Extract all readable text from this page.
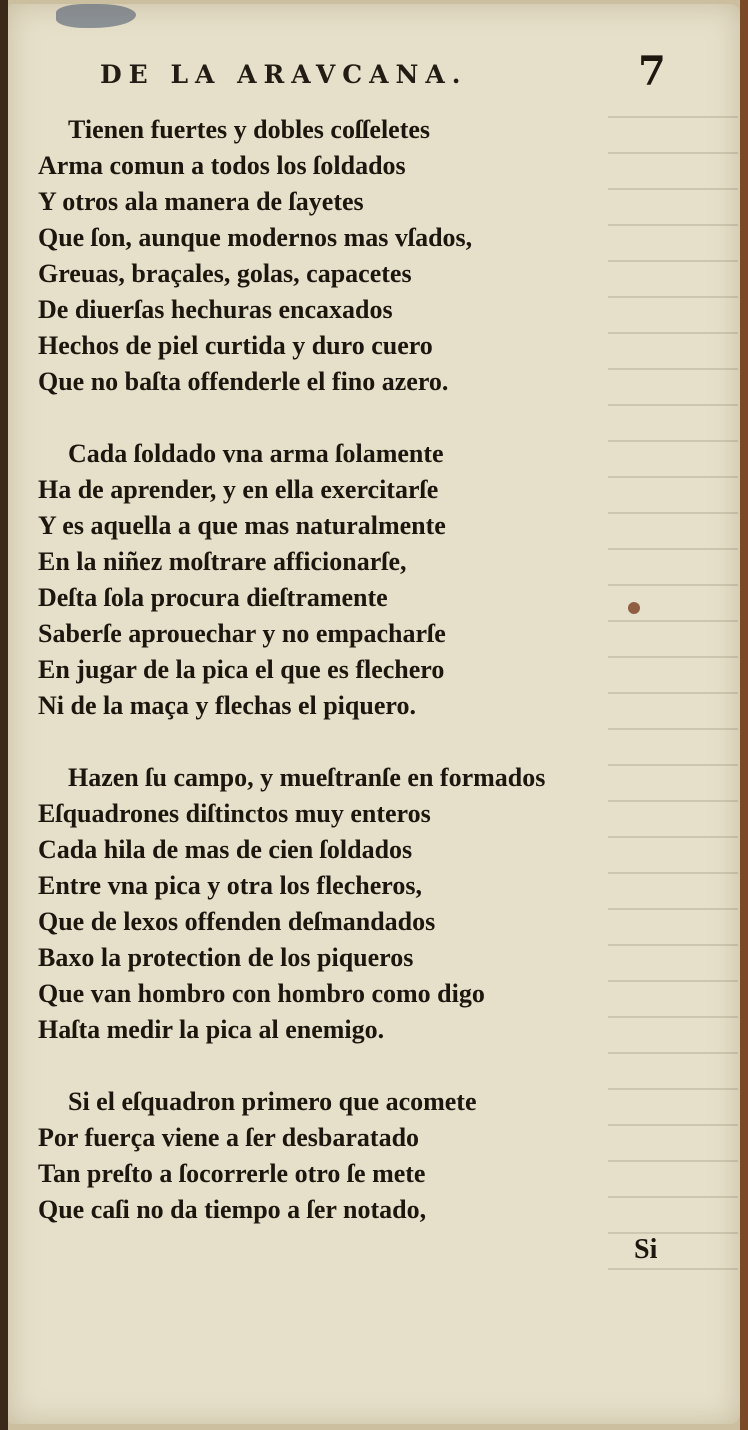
DE LA ARAVCANA.	7
Tienen fuertes y dobles coſſeletes
Arma comun a todos los ſoldados
Y otros ala manera de ſayetes
Que ſon, aunque modernos mas vſados,
Greuas, braçales, golas, capacetes
De diuerſas hechuras encaxados
Hechos de piel curtida y duro cuero
Que no baſta offenderle el fino azero.
Cada ſoldado vna arma ſolamente
Ha de aprender, y en ella exercitarſe
Y es aquella a que mas naturalmente
En la niñez moſtrare afficionarſe,
Deſta ſola procura dieſtramente
Saberſe aprouechar y no empacharſe
En jugar de la pica el que es flechero
Ni de la maça y flechas el piquero.
Hazen ſu campo, y mueſtranſe en formados
Eſquadrones diſtinctos muy enteros
Cada hila de mas de cien ſoldados
Entre vna pica y otra los flecheros,
Que de lexos offenden deſmandados
Baxo la protection de los piqueros
Que van hombro con hombro como digo
Haſta medir la pica al enemigo.
Si el eſquadron primero que acomete
Por fuerça viene a ſer desbaratado
Tan preſto a ſocorrerle otro ſe mete
Que caſi no da tiempo a ſer notado,
Si
